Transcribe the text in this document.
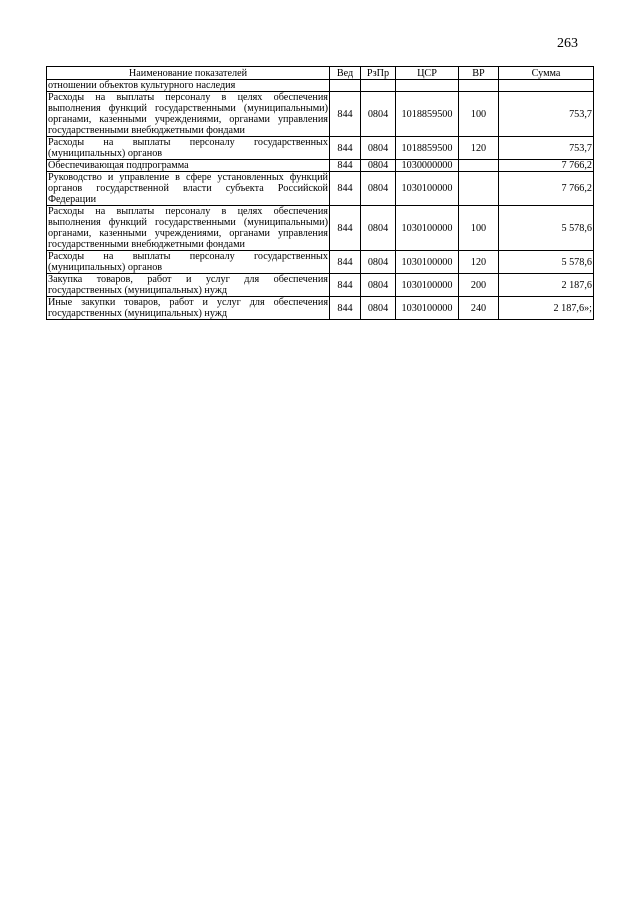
263
Наименование показателей	Вед	РзПр	ЦСР	ВР	Сумма
отношении объектов культурного наследия					
Расходы на выплаты персоналу в целях обеспечения выполнения функций государственными (муниципальными) органами, казенными учреждениями, органами управления государственными внебюджетными фондами	844	0804	1018859500	100	753,7
Расходы на выплаты персоналу государственных (муниципальных) органов	844	0804	1018859500	120	753,7
Обеспечивающая подпрограмма	844	0804	1030000000		7 766,2
Руководство и управление в сфере установленных функций органов государственной власти субъекта Российской Федерации	844	0804	1030100000		7 766,2
Расходы на выплаты персоналу в целях обеспечения выполнения функций государственными (муниципальными) органами, казенными учреждениями, органами управления государственными внебюджетными фондами	844	0804	1030100000	100	5 578,6
Расходы на выплаты персоналу государственных (муниципальных) органов	844	0804	1030100000	120	5 578,6
Закупка товаров, работ и услуг для обеспечения государственных (муниципальных) нужд	844	0804	1030100000	200	2 187,6
Иные закупки товаров, работ и услуг для обеспечения государственных (муниципальных) нужд	844	0804	1030100000	240	2 187,6»;
